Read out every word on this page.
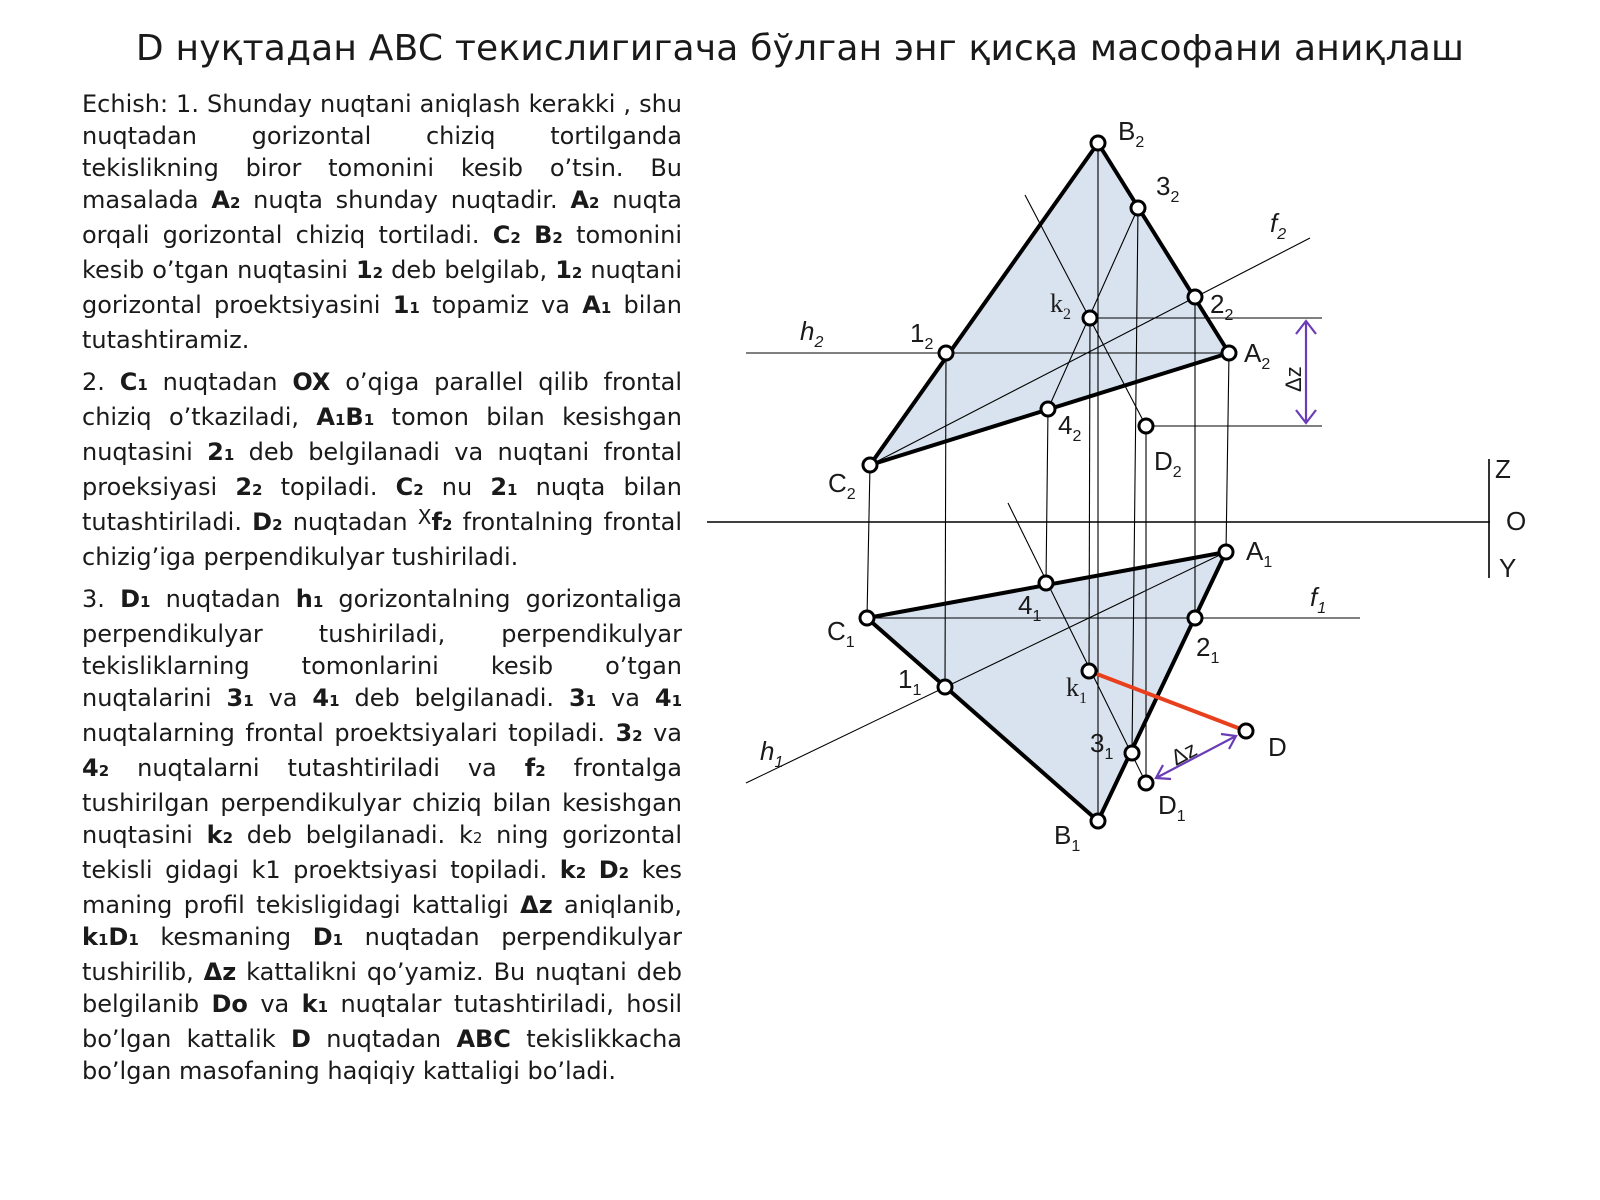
D нуқтадан ABC текислигигача бўлган энг қисқа масофани аниқлаш

Echish: 1. Shunday nuqtani aniqlash kerakki , shu nuqtadan gorizontal chiziq tortilganda tekislikning biror tomonini kesib o’tsin. Bu masalada A2 nuqta shunday nuqtadir. A2 nuqta orqali gorizontal chiziq tortiladi. C2 B2 tomonini kesib o’tgan nuqtasini 12 deb belgilab, 12 nuqtani gorizontal proektsiyasini 11 topamiz va A1 bilan tutashtiramiz.

2. C1 nuqtadan OX o’qiga parallel qilib frontal chiziq o’tkaziladi, A1B1 tomon bilan kesishgan nuqtasini 21 deb belgilanadi va nuqtani frontal proeksiyasi 22 topiladi. C2 nu 21 nuqta bilan tutashtiriladi. D2 nuqtadan $^X$f2 frontalning frontal chizig’iga perpendikulyar tushiriladi.

3. D1 nuqtadan h1 gorizontalning gorizontaliga perpendikulyar tushiriladi, perpendikulyar tekisliklarning tomonlarini kesib o’tgan nuqtalarini 31 va 41 deb belgilanadi. 31 va 41 nuqtalarning frontal proektsiyalari topiladi. 32 va 42 nuqtalarni tutashtiriladi va f2 frontalga tushirilgan perpendikulyar chiziq bilan kesishgan nuqtasini k2 deb belgilanadi. k2 ning gorizontal tekisli gidagi k1 proektsiyasi topiladi. k2 D2 kes maning profil tekisligidagi kattaligi Δz aniqlanib, k1D1 kesmaning D1 nuqtadan perpendikulyar tushirilib, Δz kattalikni qo’yamiz. Bu nuqtani deb belgilanib Do va k1 nuqtalar tutashtiriladi, hosil bo’lgan kattalik D nuqtadan ABC tekislikkacha bo’lgan masofaning haqiqiy kattaligi bo’ladi.

$B_2$
$3_2$
$2_2$
$k_2$
$1_2$	$A_2$
$4_2$
$D_2$
$C_2$
$A_1$
$4_1$
$C_1$	$2_1$
$k_1$
$1_1$
D
$3_1$
$D_1$
$B_1$
$h_2$
$f_2$
$h_1$
$f_1$
Z
O
Y
Δz
Δz
